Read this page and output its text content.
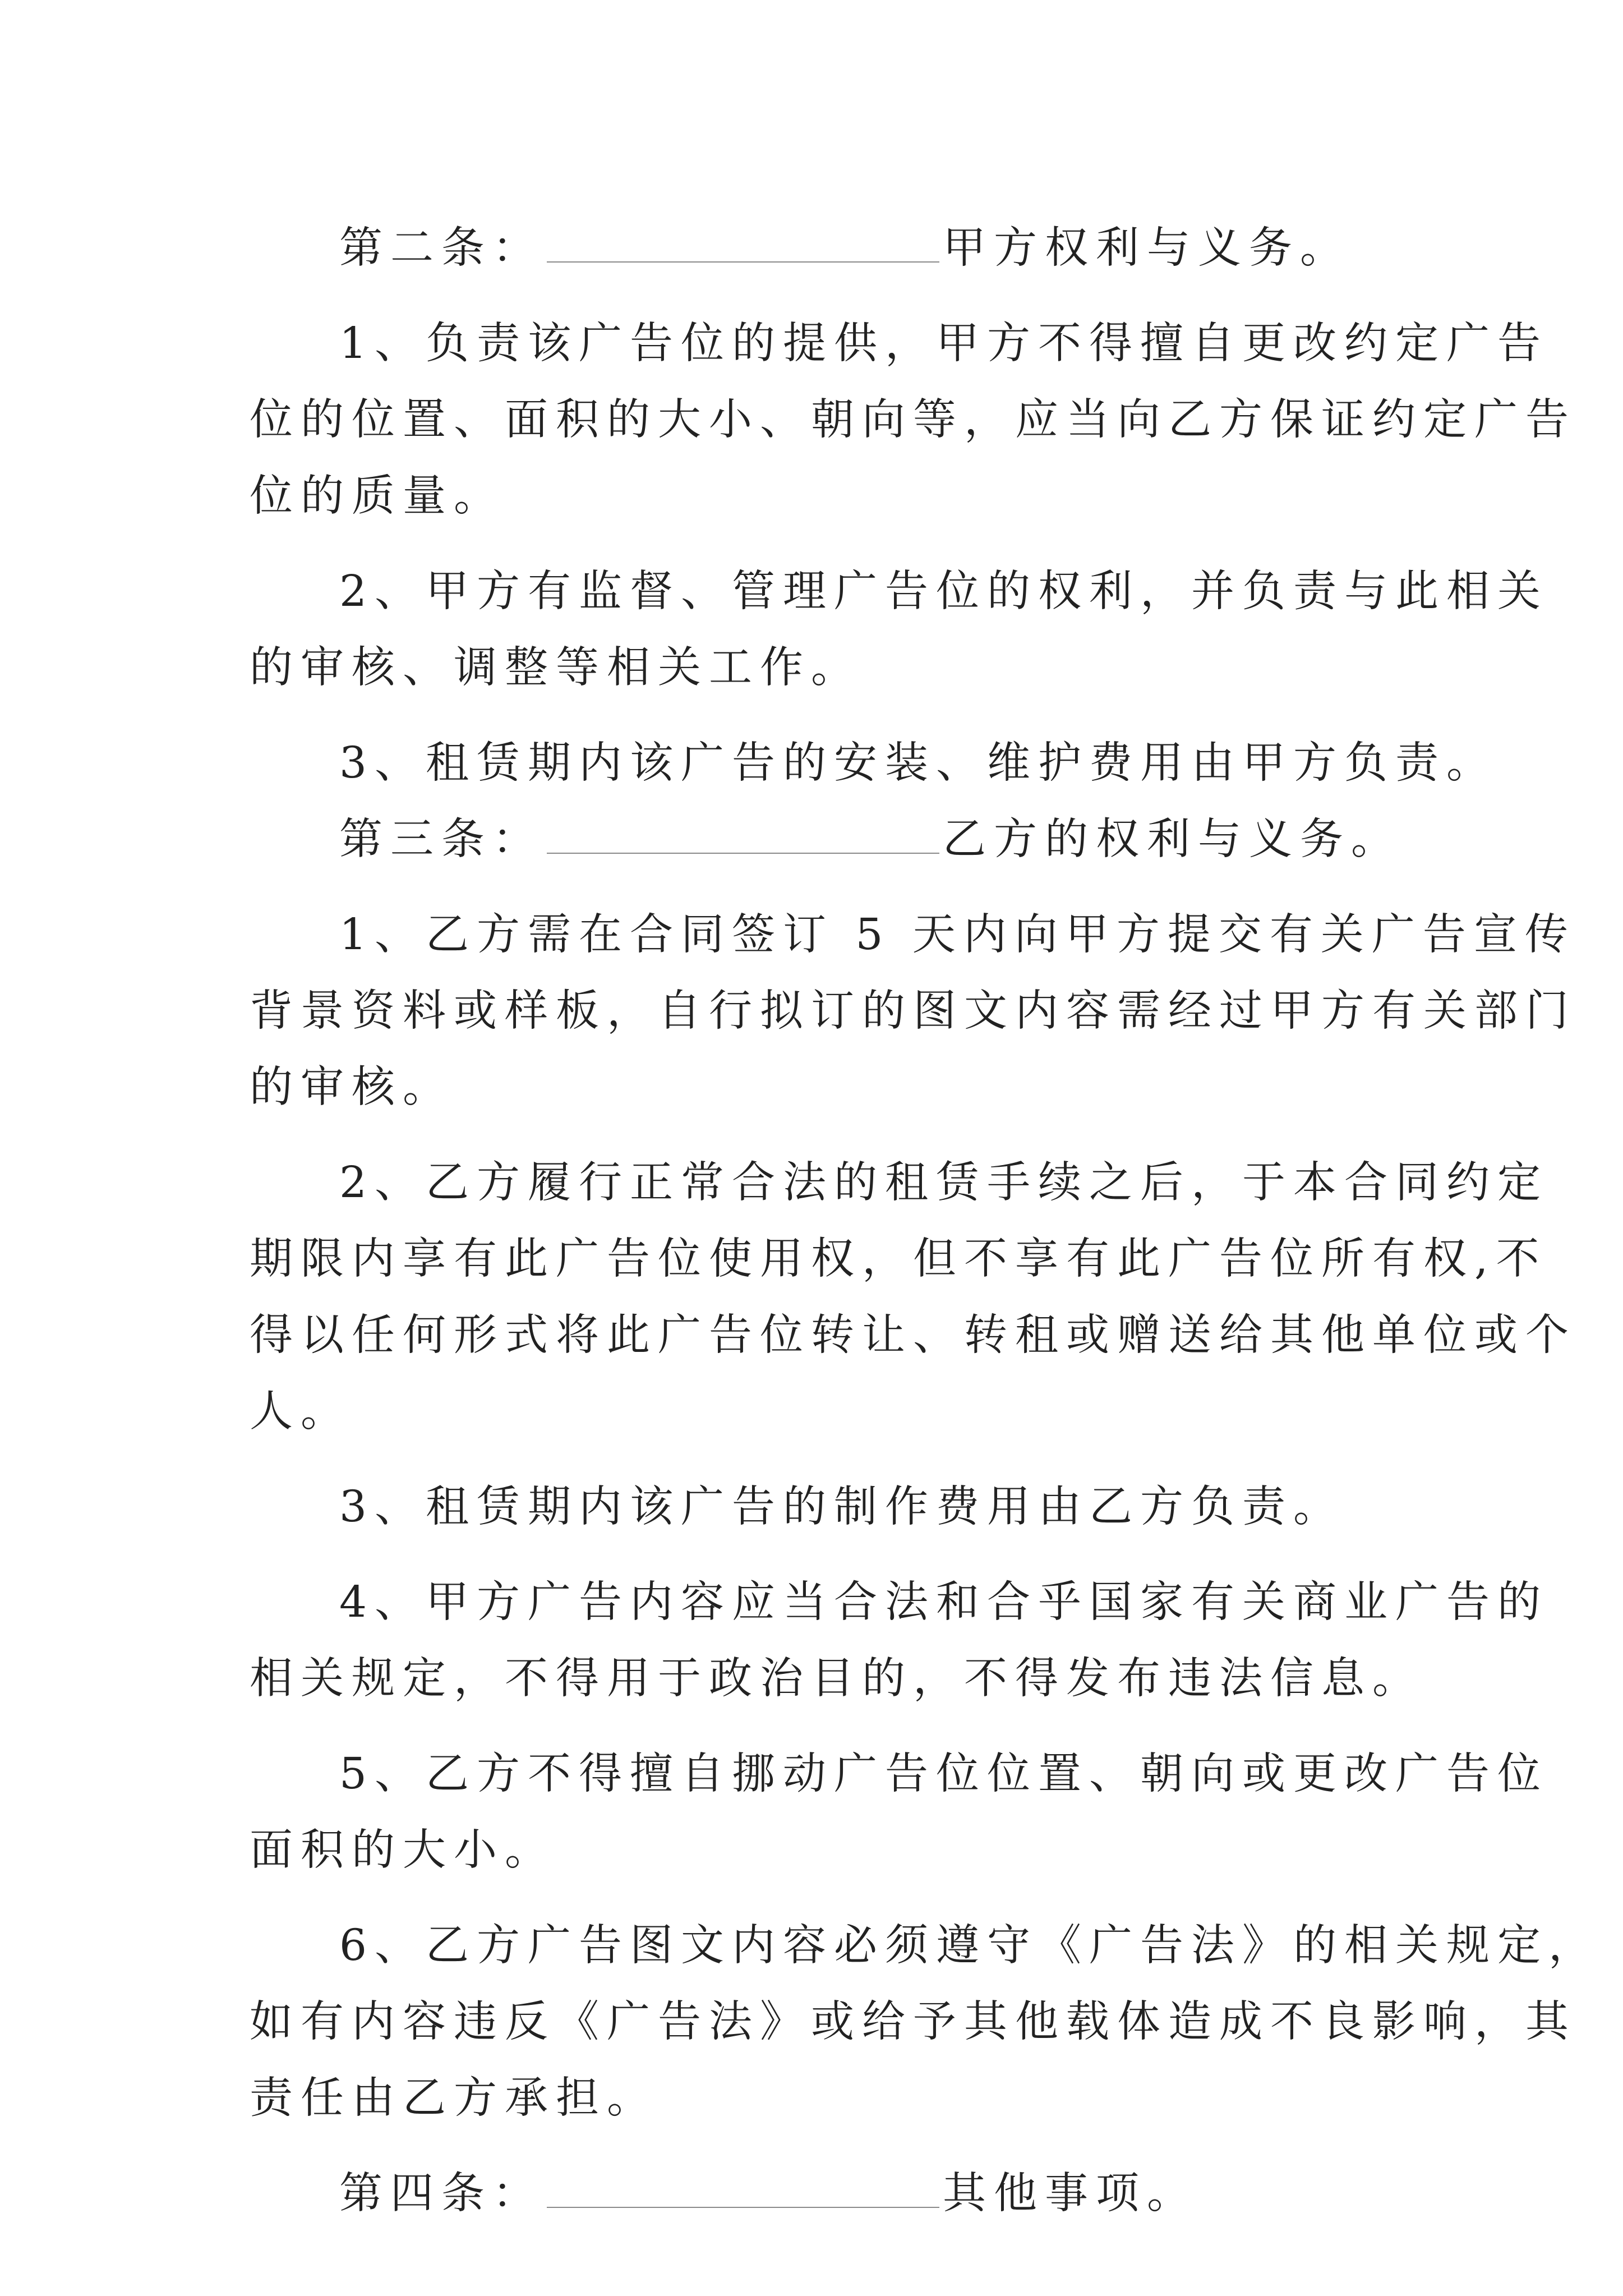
第二条：	甲方权利与义务。
1、负责该广告位的提供，甲方不得擅自更改约定广告
位的位置、面积的大小、朝向等，应当向乙方保证约定广告
位的质量。
2、甲方有监督、管理广告位的权利，并负责与此相关
的审核、调整等相关工作。
3、租赁期内该广告的安装、维护费用由甲方负责。
第三条：	乙方的权利与义务。
1、乙方需在合同签订 5 天内向甲方提交有关广告宣传
背景资料或样板，自行拟订的图文内容需经过甲方有关部门
的审核。
2、乙方履行正常合法的租赁手续之后，于本合同约定
期限内享有此广告位使用权，但不享有此广告位所有权,不
得以任何形式将此广告位转让、转租或赠送给其他单位或个
人。
3、租赁期内该广告的制作费用由乙方负责。
4、甲方广告内容应当合法和合乎国家有关商业广告的
相关规定，不得用于政治目的，不得发布违法信息。
5、乙方不得擅自挪动广告位位置、朝向或更改广告位
面积的大小。
6、乙方广告图文内容必须遵守《广告法》的相关规定，
如有内容违反《广告法》或给予其他载体造成不良影响，其
责任由乙方承担。
第四条：	其他事项。
